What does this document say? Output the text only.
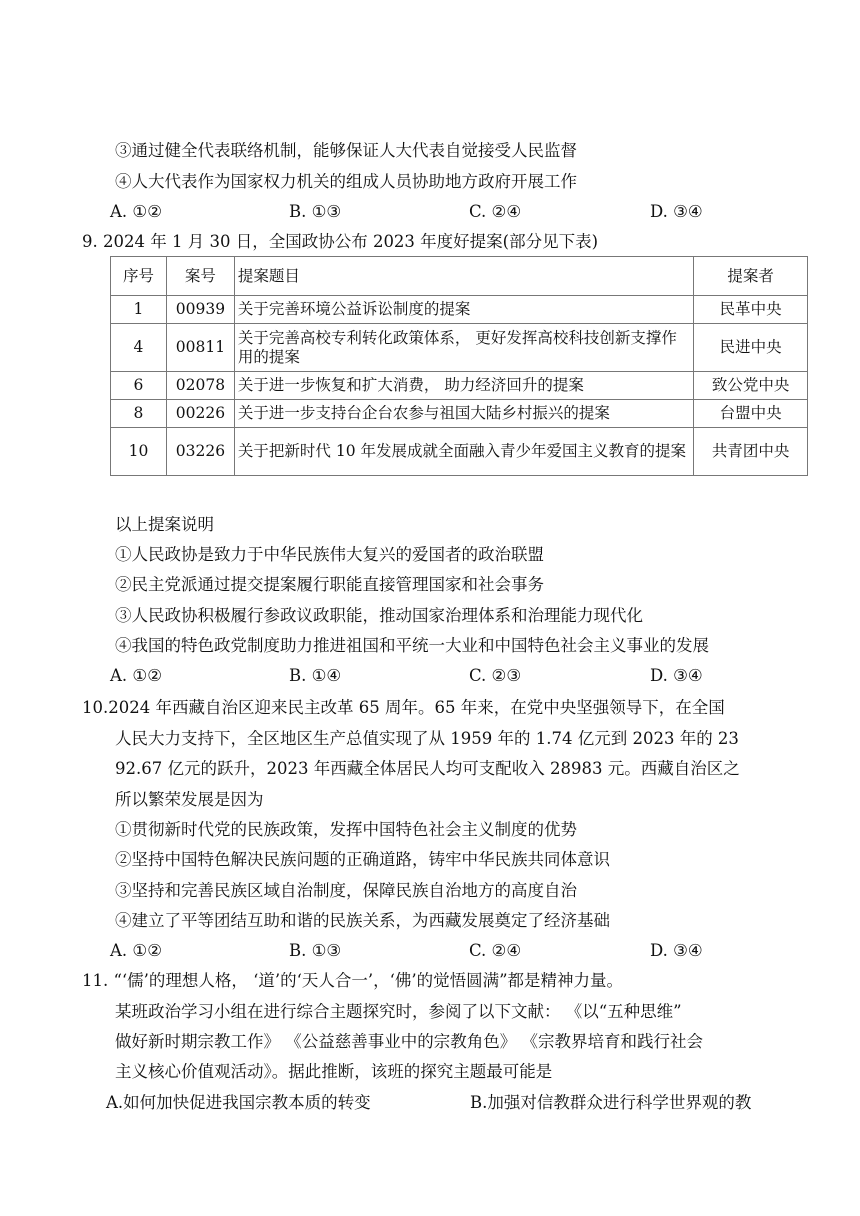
③通过健全代表联络机制，能够保证人大代表自觉接受人民监督
④人大代表作为国家权力机关的组成人员协助地方政府开展工作
A. ①②	B. ①③	C. ②④	D. ③④
9. 2024 年 1 月 30 日，全国政协公布 2023 年度好提案(部分见下表)
序号	案号	提案题目	提案者
1	00939	关于完善环境公益诉讼制度的提案	民革中央
4	00811	关于完善高校专利转化政策体系， 更好发挥高校科技创新支撑作用的提案	民进中央
6	02078	关于进一步恢复和扩大消费， 助力经济回升的提案	致公党中央
8	00226	关于进一步支持台企台农参与祖国大陆乡村振兴的提案	台盟中央
10	03226	关于把新时代 10 年发展成就全面融入青少年爱国主义教育的提案	共青团中央
以上提案说明
①人民政协是致力于中华民族伟大复兴的爱国者的政治联盟
②民主党派通过提交提案履行职能直接管理国家和社会事务
③人民政协积极履行参政议政职能，推动国家治理体系和治理能力现代化
④我国的特色政党制度助力推进祖国和平统一大业和中国特色社会主义事业的发展
A. ①②	B. ①④	C. ②③	D. ③④
10.2024 年西藏自治区迎来民主改革 65 周年。65 年来，在党中央坚强领导下，在全国
人民大力支持下，全区地区生产总值实现了从 1959 年的 1.74 亿元到 2023 年的 23
92.67 亿元的跃升，2023 年西藏全体居民人均可支配收入 28983 元。西藏自治区之
所以繁荣发展是因为
①贯彻新时代党的民族政策，发挥中国特色社会主义制度的优势
②坚持中国特色解决民族问题的正确道路，铸牢中华民族共同体意识
③坚持和完善民族区域自治制度，保障民族自治地方的高度自治
④建立了平等团结互助和谐的民族关系，为西藏发展奠定了经济基础
A. ①②	B. ①③	C. ②④	D. ③④
11. “‘儒’的理想人格， ‘道’的‘天人合一’，‘佛’的觉悟圆满”都是精神力量。
某班政治学习小组在进行综合主题探究时，参阅了以下文献： 《以“五种思维”
做好新时期宗教工作》 《公益慈善事业中的宗教角色》 《宗教界培育和践行社会
主义核心价值观活动》。据此推断，该班的探究主题最可能是
A.如何加快促进我国宗教本质的转变	B.加强对信教群众进行科学世界观的教
